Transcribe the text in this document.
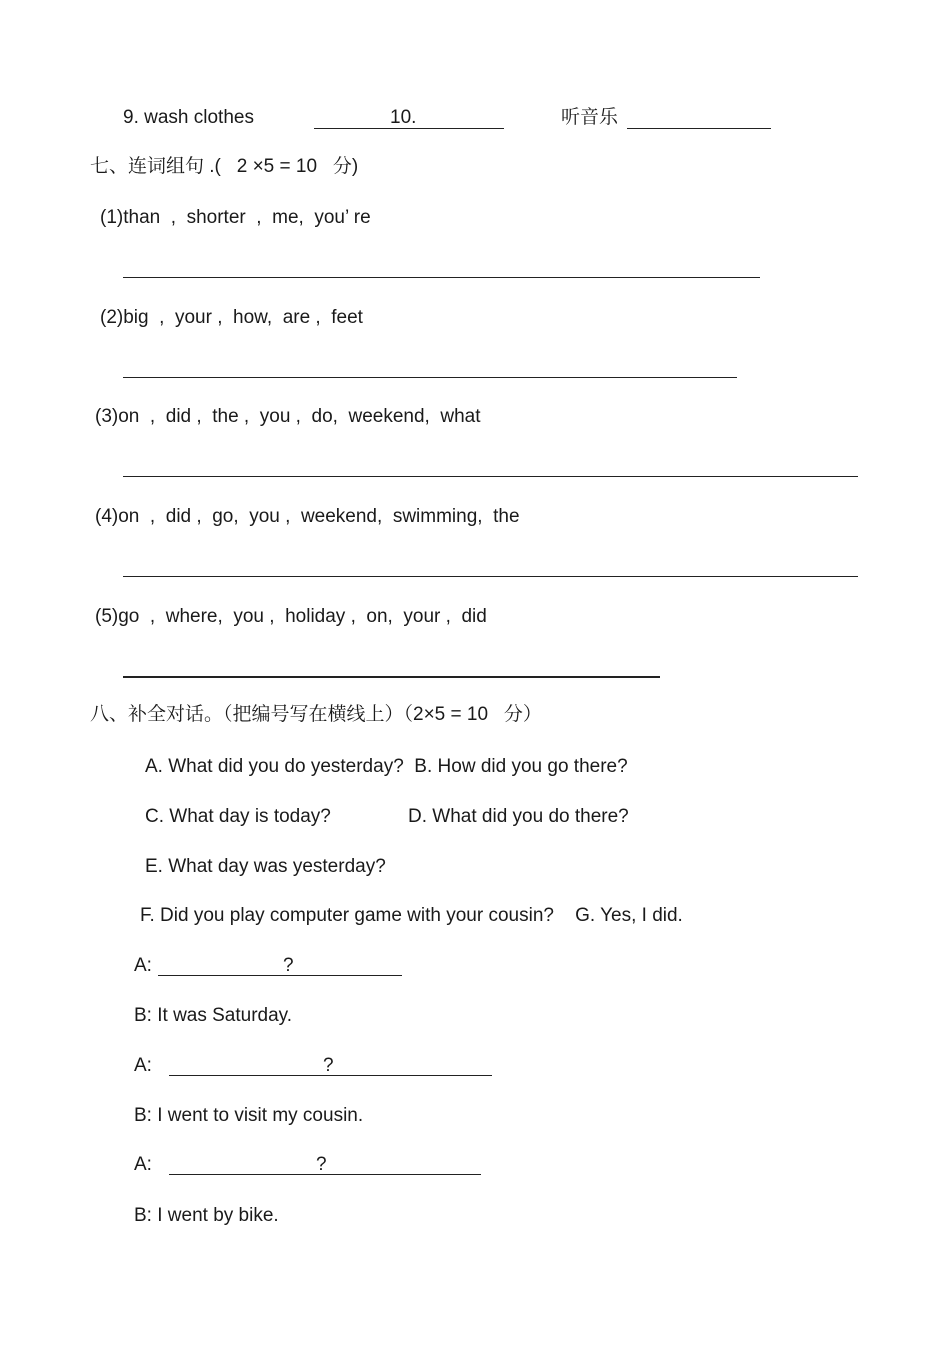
9. wash clothes	10.	听音乐
七、连词组句 .(   2 ×5 = 10   分)
(1)than  ,  shorter  ,  me,  you’ re
(2)big  ,  your ,  how,  are ,  feet
(3)on  ,  did ,  the ,  you ,  do,  weekend,  what
(4)on  ,  did ,  go,  you ,  weekend,  swimming,  the
(5)go  ,  where,  you ,  holiday ,  on,  your ,  did
八、补全对话。（把编号写在横线上）（2×5 = 10   分）
A. What did you do yesterday?  B. How did you go there?
C. What day is today?	D. What did you do there?
E. What day was yesterday?
F. Did you play computer game with your cousin?    G. Yes, I did.
A:	?
B: It was Saturday.
A:	?
B: I went to visit my cousin.
A:	?
B: I went by bike.
